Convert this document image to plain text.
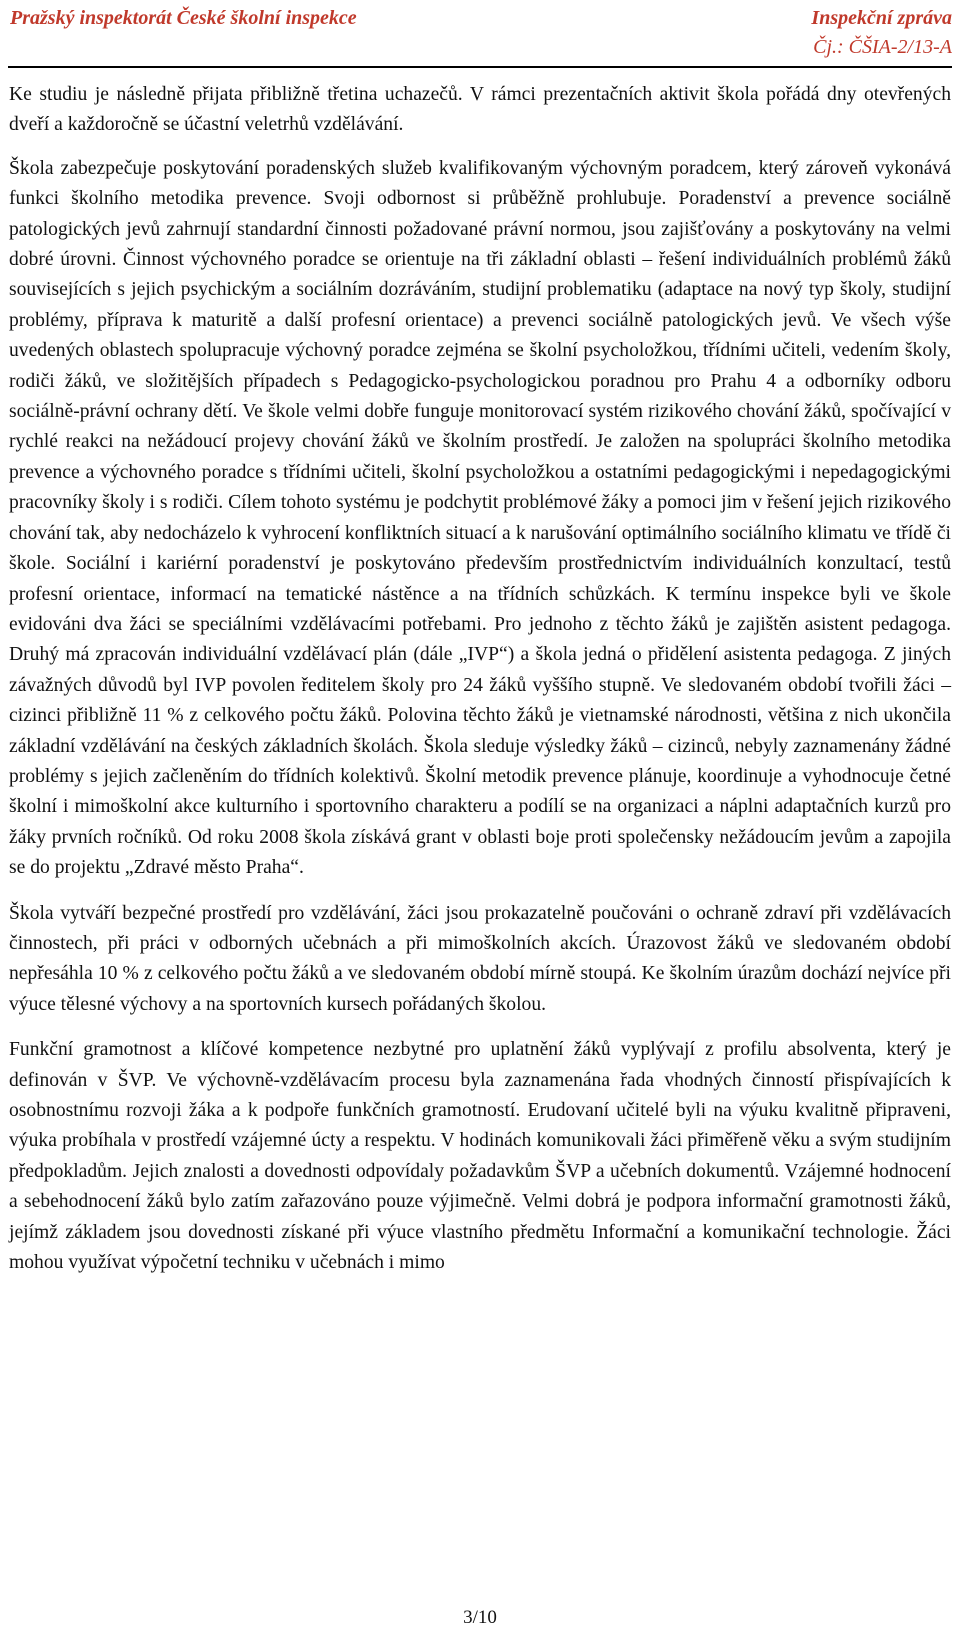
Pražský inspektorát České školní inspekce	Inspekční zpráva
Čj.: ČŠIA-2/13-A

Ke studiu je následně přijata přibližně třetina uchazečů. V rámci prezentačních aktivit škola pořádá dny otevřených dveří a každoročně se účastní veletrhů vzdělávání.

Škola zabezpečuje poskytování poradenských služeb kvalifikovaným výchovným poradcem, který zároveň vykonává funkci školního metodika prevence. Svoji odbornost si průběžně prohlubuje. Poradenství a prevence sociálně patologických jevů zahrnují standardní činnosti požadované právní normou, jsou zajišťovány a poskytovány na velmi dobré úrovni. Činnost výchovného poradce se orientuje na tři základní oblasti – řešení individuálních problémů žáků souvisejících s jejich psychickým a sociálním dozráváním, studijní problematiku (adaptace na nový typ školy, studijní problémy, příprava k maturitě a další profesní orientace) a prevenci sociálně patologických jevů. Ve všech výše uvedených oblastech spolupracuje výchovný poradce zejména se školní psycholožkou, třídními učiteli, vedením školy, rodiči žáků, ve složitějších případech s Pedagogicko-psychologickou poradnou pro Prahu 4 a odborníky odboru sociálně-právní ochrany dětí. Ve škole velmi dobře funguje monitorovací systém rizikového chování žáků, spočívající v rychlé reakci na nežádoucí projevy chování žáků ve školním prostředí. Je založen na spolupráci školního metodika prevence a výchovného poradce s třídními učiteli, školní psycholožkou a ostatními pedagogickými i nepedagogickými pracovníky školy i s rodiči. Cílem tohoto systému je podchytit problémové žáky a pomoci jim v řešení jejich rizikového chování tak, aby nedocházelo k vyhrocení konfliktních situací a k narušování optimálního sociálního klimatu ve třídě či škole. Sociální i kariérní poradenství je poskytováno především prostřednictvím individuálních konzultací, testů profesní orientace, informací na tematické nástěnce a na třídních schůzkách. K termínu inspekce byli ve škole evidováni dva žáci se speciálními vzdělávacími potřebami. Pro jednoho z těchto žáků je zajištěn asistent pedagoga. Druhý má zpracován individuální vzdělávací plán (dále „IVP“) a škola jedná o přidělení asistenta pedagoga. Z jiných závažných důvodů byl IVP povolen ředitelem školy pro 24 žáků vyššího stupně. Ve sledovaném období tvořili žáci – cizinci přibližně 11 % z celkového počtu žáků. Polovina těchto žáků je vietnamské národnosti, většina z nich ukončila základní vzdělávání na českých základních školách. Škola sleduje výsledky žáků – cizinců, nebyly zaznamenány žádné problémy s jejich začleněním do třídních kolektivů. Školní metodik prevence plánuje, koordinuje a vyhodnocuje četné školní i mimoškolní akce kulturního i sportovního charakteru a podílí se na organizaci a náplni adaptačních kurzů pro žáky prvních ročníků. Od roku 2008 škola získává grant v oblasti boje proti společensky nežádoucím jevům a zapojila se do projektu „Zdravé město Praha“.

Škola vytváří bezpečné prostředí pro vzdělávání, žáci jsou prokazatelně poučováni o ochraně zdraví při vzdělávacích činnostech, při práci v odborných učebnách a při mimoškolních akcích. Úrazovost žáků ve sledovaném období nepřesáhla 10 % z celkového počtu žáků a ve sledovaném období mírně stoupá. Ke školním úrazům dochází nejvíce při výuce tělesné výchovy a na sportovních kursech pořádaných školou.

Funkční gramotnost a klíčové kompetence nezbytné pro uplatnění žáků vyplývají z profilu absolventa, který je definován v ŠVP. Ve výchovně-vzdělávacím procesu byla zaznamenána řada vhodných činností přispívajících k osobnostnímu rozvoji žáka a k podpoře funkčních gramotností. Erudovaní učitelé byli na výuku kvalitně připraveni, výuka probíhala v prostředí vzájemné úcty a respektu. V hodinách komunikovali žáci přiměřeně věku a svým studijním předpokladům. Jejich znalosti a dovednosti odpovídaly požadavkům ŠVP a učebních dokumentů. Vzájemné hodnocení a sebehodnocení žáků bylo zatím zařazováno pouze výjimečně. Velmi dobrá je podpora informační gramotnosti žáků, jejímž základem jsou dovednosti získané při výuce vlastního předmětu Informační a komunikační technologie. Žáci mohou využívat výpočetní techniku v učebnách i mimo

3/10
